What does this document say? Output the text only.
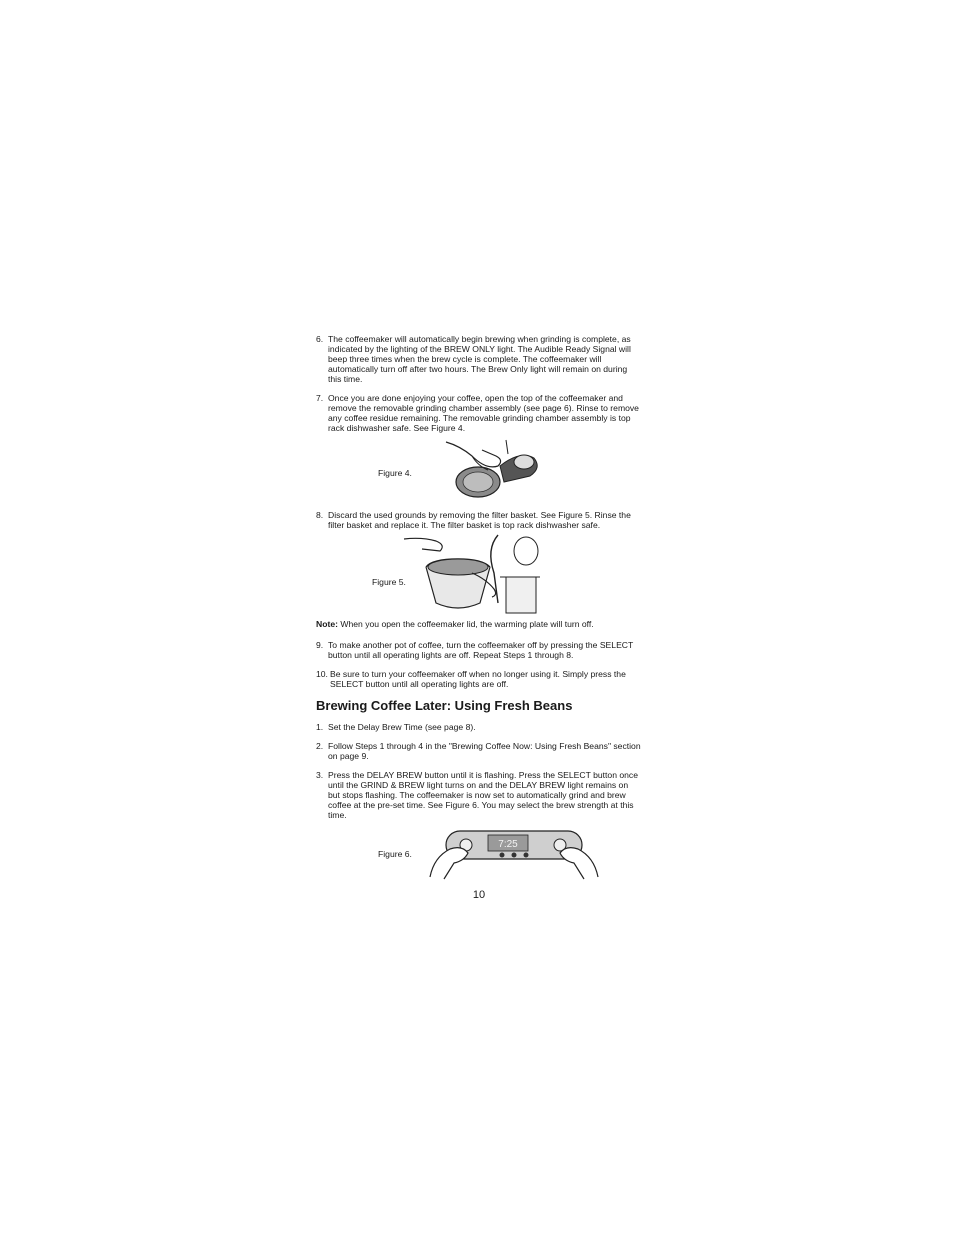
6. The coffeemaker will automatically begin brewing when grinding is complete, as indicated by the lighting of the BREW ONLY light. The Audible Ready Signal will beep three times when the brew cycle is complete. The coffeemaker will automatically turn off after two hours. The Brew Only light will remain on during this time.
7. Once you are done enjoying your coffee, open the top of the coffeemaker and remove the removable grinding chamber assembly (see page 6). Rinse to remove any coffee residue remaining. The removable grinding chamber assembly is top rack dishwasher safe. See Figure 4.
Figure 4.
8. Discard the used grounds by removing the filter basket. See Figure 5. Rinse the filter basket and replace it. The filter basket is top rack dishwasher safe.
Figure 5.
Note: When you open the coffeemaker lid, the warming plate will turn off.
9. To make another pot of coffee, turn the coffeemaker off by pressing the SELECT button until all operating lights are off. Repeat Steps 1 through 8.
10. Be sure to turn your coffeemaker off when no longer using it. Simply press the SELECT button until all operating lights are off.
Brewing Coffee Later: Using Fresh Beans
1. Set the Delay Brew Time (see page 8).
2. Follow Steps 1 through 4 in the "Brewing Coffee Now: Using Fresh Beans" section on page 9.
3. Press the DELAY BREW button until it is flashing. Press the SELECT button once until the GRIND & BREW light turns on and the DELAY BREW light remains on but stops flashing. The coffeemaker is now set to automatically grind and brew coffee at the pre-set time. See Figure 6. You may select the brew strength at this time.
Figure 6.
7:25
10
